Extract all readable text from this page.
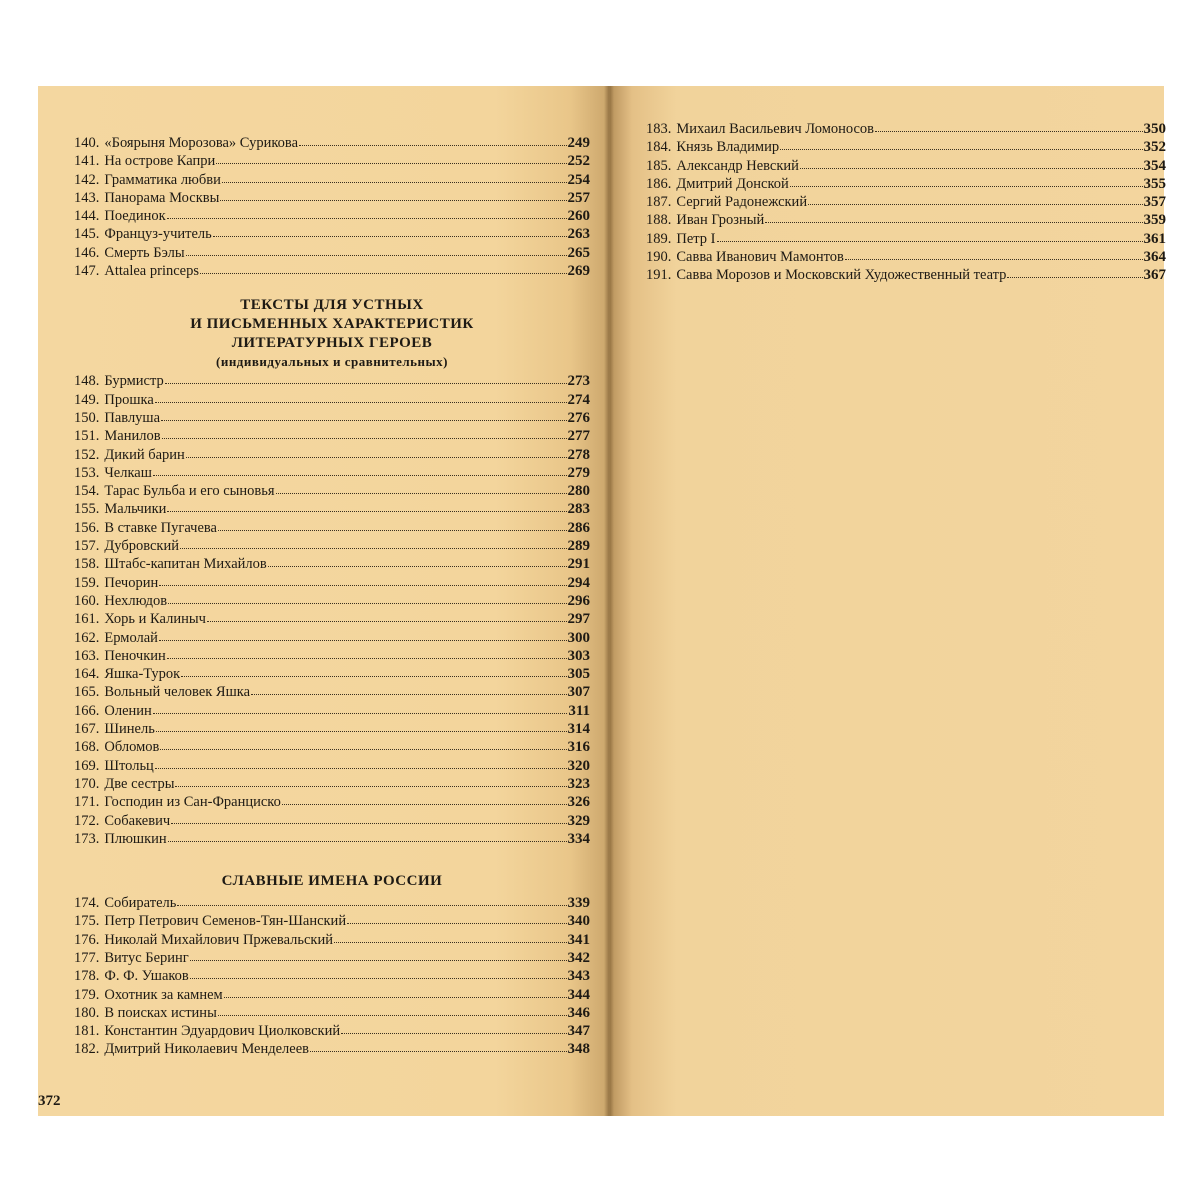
140. «Боярыня Морозова» Сурикова	249
141. На острове Капри	252
142. Грамматика любви	254
143. Панорама Москвы	257
144. Поединок	260
145. Француз-учитель	263
146. Смерть Бэлы	265
147. Attalea princeps	269
ТЕКСТЫ ДЛЯ УСТНЫХ
И ПИСЬМЕННЫХ ХАРАКТЕРИСТИК
ЛИТЕРАТУРНЫХ ГЕРОЕВ
(индивидуальных и сравнительных)
148. Бурмистр	273
149. Прошка	274
150. Павлуша	276
151. Манилов	277
152. Дикий барин	278
153. Челкаш	279
154. Тарас Бульба и его сыновья	280
155. Мальчики	283
156. В ставке Пугачева	286
157. Дубровский	289
158. Штабс-капитан Михайлов	291
159. Печорин	294
160. Нехлюдов	296
161. Хорь и Калиныч	297
162. Ермолай	300
163. Пеночкин	303
164. Яшка-Турок	305
165. Вольный человек Яшка	307
166. Оленин	311
167. Шинель	314
168. Обломов	316
169. Штольц	320
170. Две сестры	323
171. Господин из Сан-Франциско	326
172. Собакевич	329
173. Плюшкин	334
СЛАВНЫЕ ИМЕНА РОССИИ
174. Собиратель	339
175. Петр Петрович Семенов-Тян-Шанский	340
176. Николай Михайлович Пржевальский	341
177. Витус Беринг	342
178. Ф. Ф. Ушаков	343
179. Охотник за камнем	344
180. В поисках истины	346
181. Константин Эдуардович Циолковский	347
182. Дмитрий Николаевич Менделеев	348
372
183. Михаил Васильевич Ломоносов	350
184. Князь Владимир	352
185. Александр Невский	354
186. Дмитрий Донской	355
187. Сергий Радонежский	357
188. Иван Грозный	359
189. Петр I	361
190. Савва Иванович Мамонтов	364
191. Савва Морозов и Московский Художественный театр	367
